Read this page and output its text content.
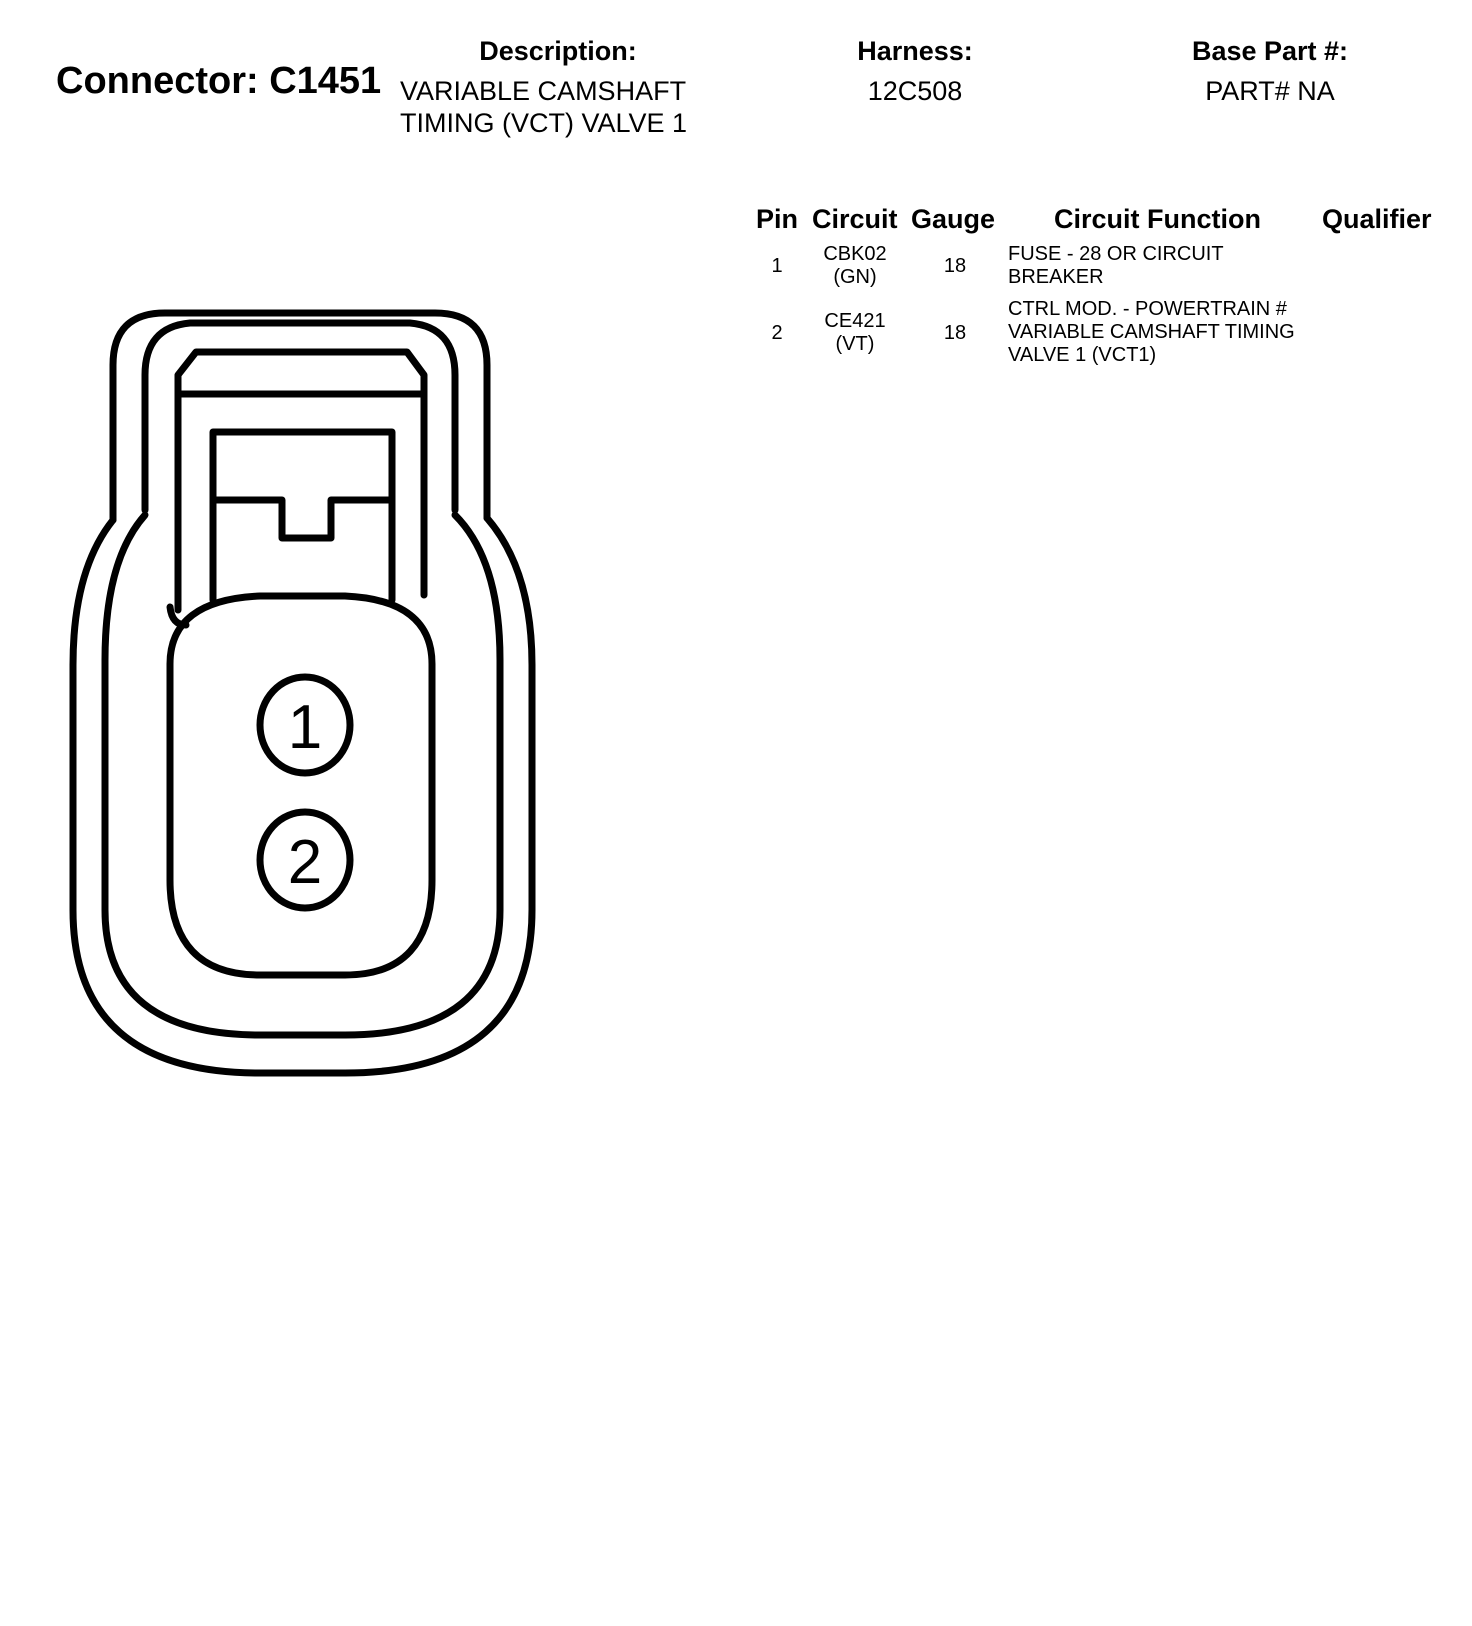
Connector: C1451
Description:
VARIABLE CAMSHAFT
TIMING (VCT) VALVE 1
Harness:
12C508
Base Part #:
PART# NA
Pin Circuit Gauge Circuit Function Qualifier
1
CBK02
(GN)	18
FUSE - 28 OR CIRCUIT
BREAKER
2
CE421
(VT)	18
CTRL MOD. - POWERTRAIN #
VARIABLE CAMSHAFT TIMING
VALVE 1 (VCT1)
1
2
